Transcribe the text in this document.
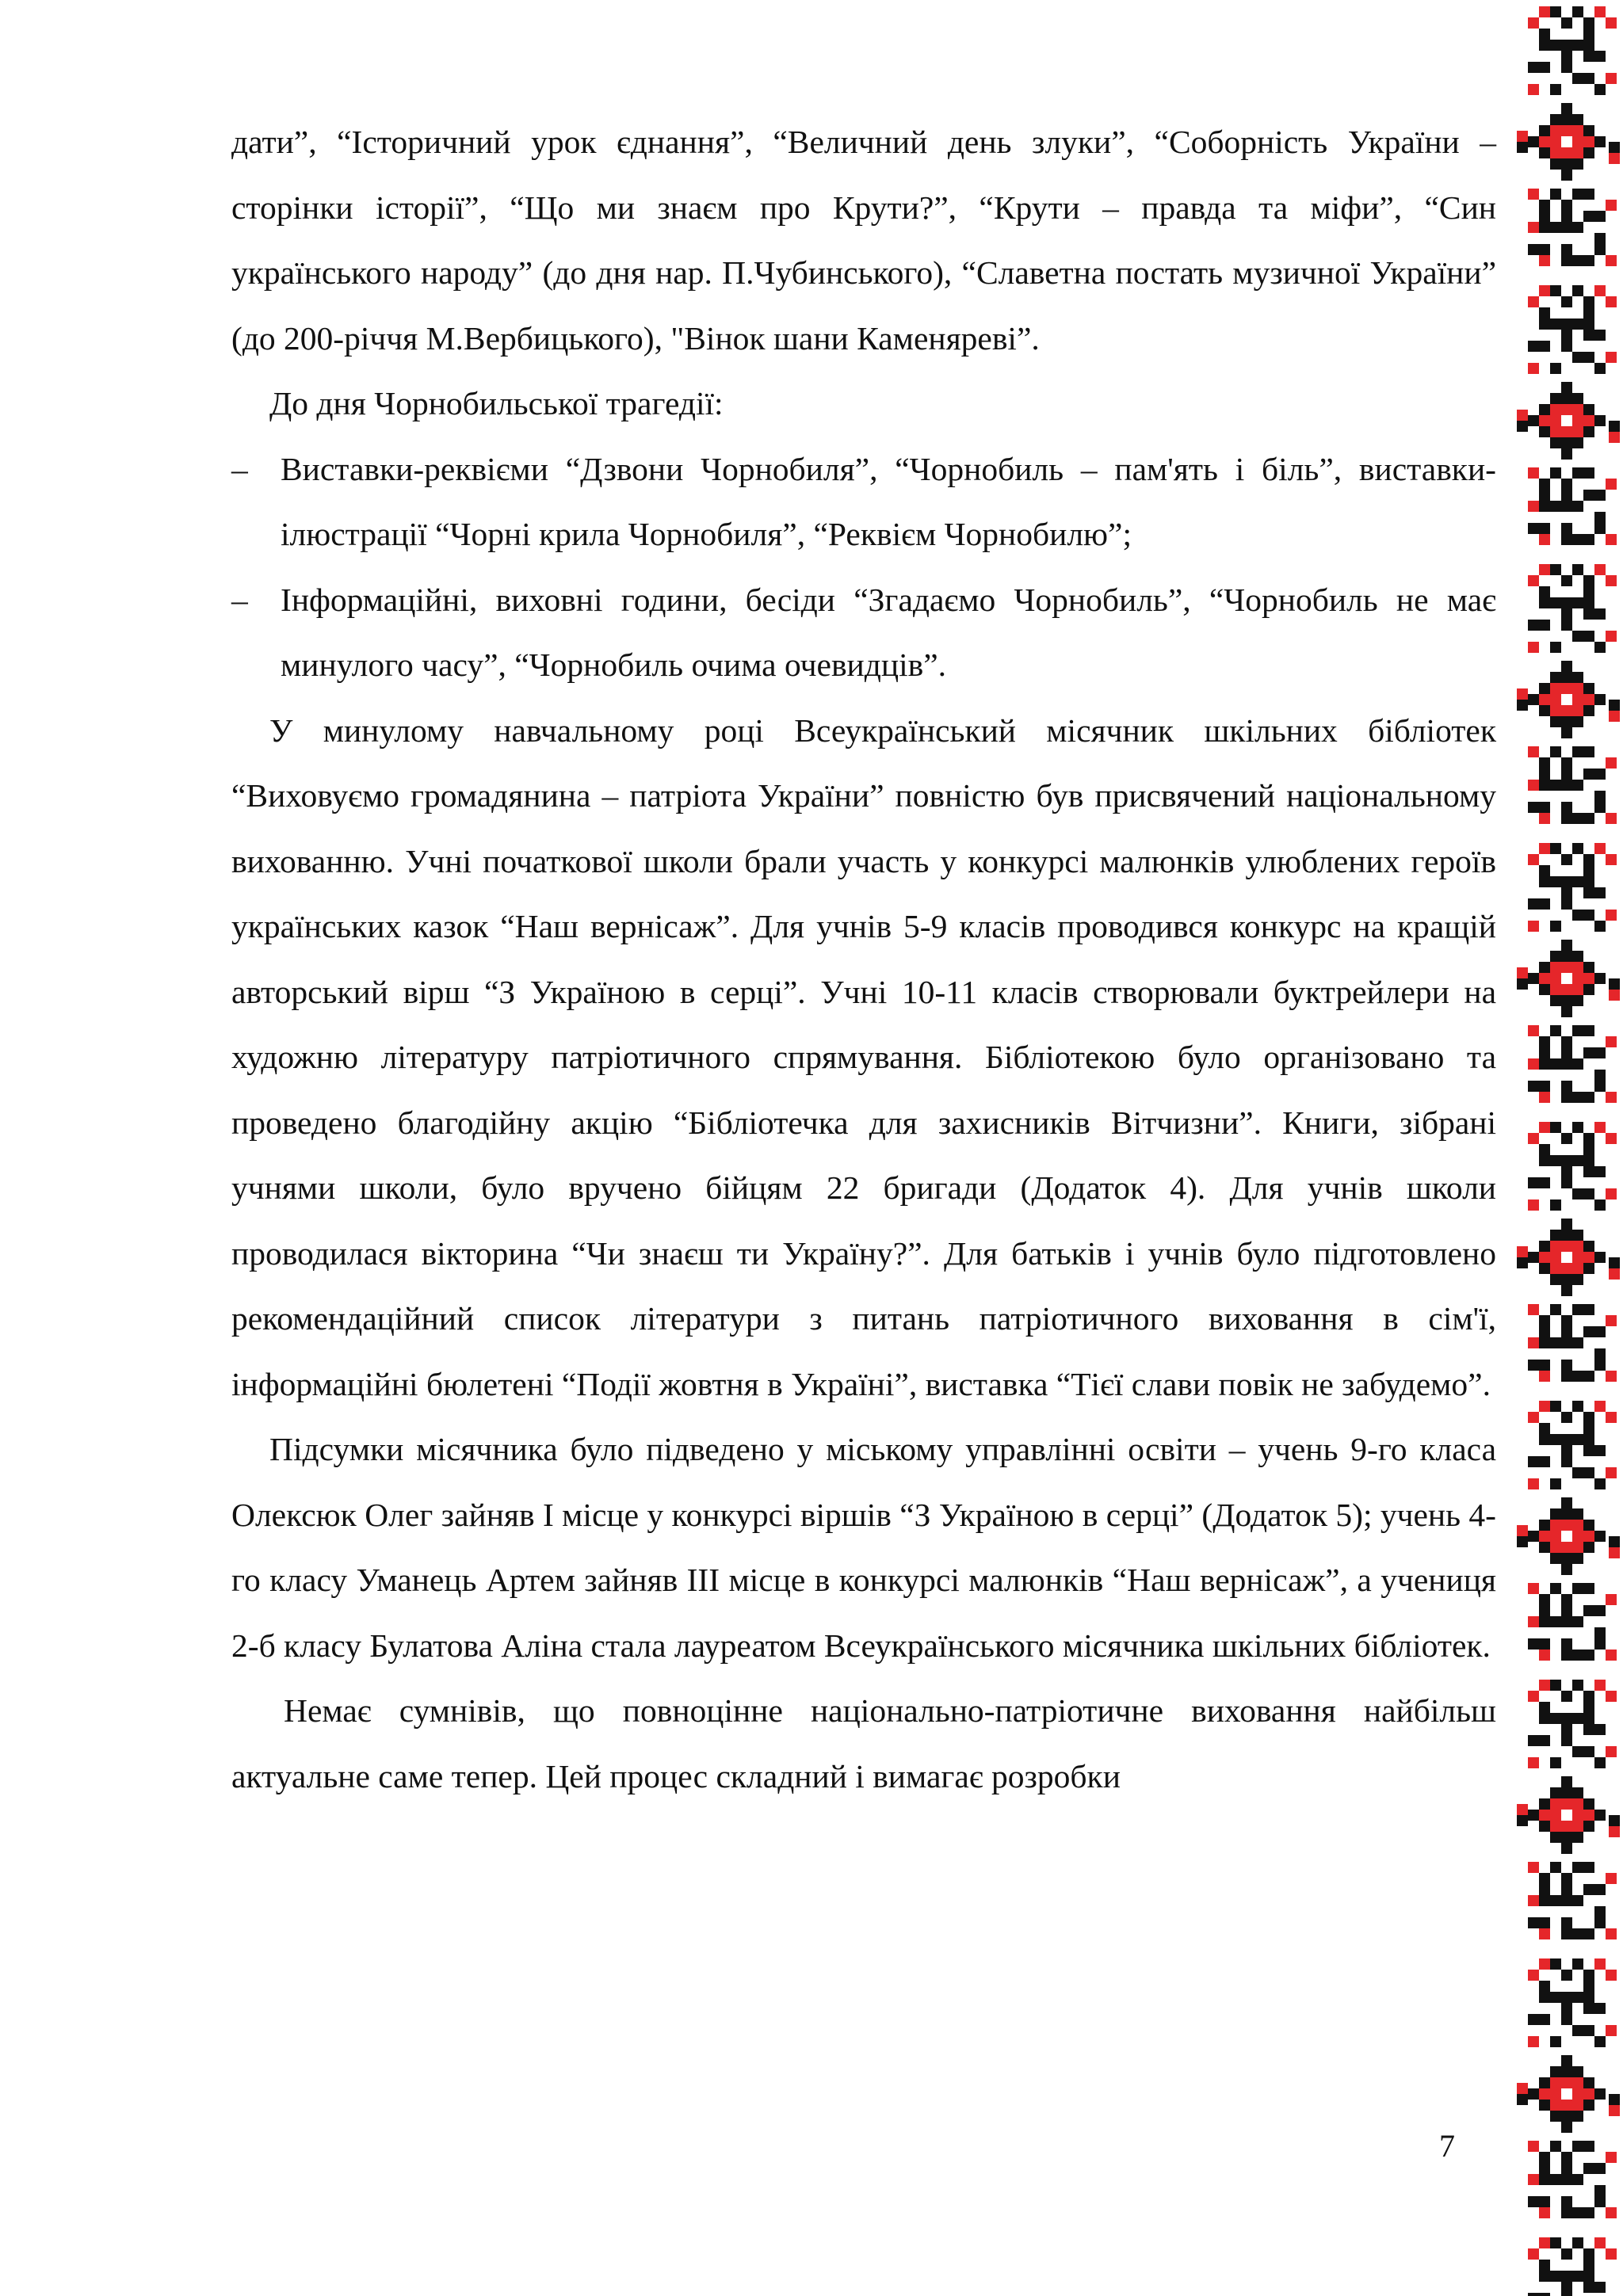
дати”, “Історичний урок єднання”, “Величний день злуки”, “Соборність України – сторінки історії”, “Що ми знаєм про Крути?”, “Крути – правда та міфи”, “Син українського народу” (до дня нар. П.Чубинського), “Славетна постать музичної України” (до 200-річчя М.Вербицького), "Вінок шани Каменяреві”.

До дня Чорнобильської трагедії:

– Виставки-реквієми “Дзвони Чорнобиля”, “Чорнобиль – пам'ять і біль”, виставки-ілюстрації “Чорні крила Чорнобиля”, “Реквієм Чорнобилю”;
– Інформаційні, виховні години, бесіди “Згадаємо Чорнобиль”, “Чорнобиль не має минулого часу”, “Чорнобиль очима очевидців”.

У минулому навчальному році Всеукраїнський місячник шкільних бібліотек “Виховуємо громадянина – патріота України” повністю був присвячений національному вихованню. Учні початкової школи брали участь у конкурсі малюнків улюблених героїв українських казок “Наш вернісаж”. Для учнів 5-9 класів проводився конкурс на кращій авторський вірш “З Україною в серці”. Учні 10-11 класів створювали буктрейлери на художню літературу патріотичного спрямування. Бібліотекою було організовано та проведено благодійну акцію “Бібліотечка для захисників Вітчизни”. Книги, зібрані учнями школи, було вручено бійцям 22 бригади (Додаток 4). Для учнів школи проводилася вікторина “Чи знаєш ти Україну?”. Для батьків і учнів було підготовлено рекомендаційний список літератури з питань патріотичного виховання в сім'ї, інформаційні бюлетені “Події жовтня в Україні”, виставка “Тієї слави повік не забудемо”.

Підсумки місячника було підведено у міському управлінні освіти – учень 9-го класа Олексюк Олег зайняв І місце у конкурсі віршів “З Україною в серці” (Додаток 5); учень 4-го класу Уманець Артем зайняв ІІІ місце в конкурсі малюнків “Наш вернісаж”, а учениця 2-б класу Булатова Аліна стала лауреатом Всеукраїнського місячника шкільних бібліотек.

Немає сумнівів, що повноцінне національно-патріотичне виховання найбільш актуальне саме тепер. Цей процес складний і вимагає розробки

7
